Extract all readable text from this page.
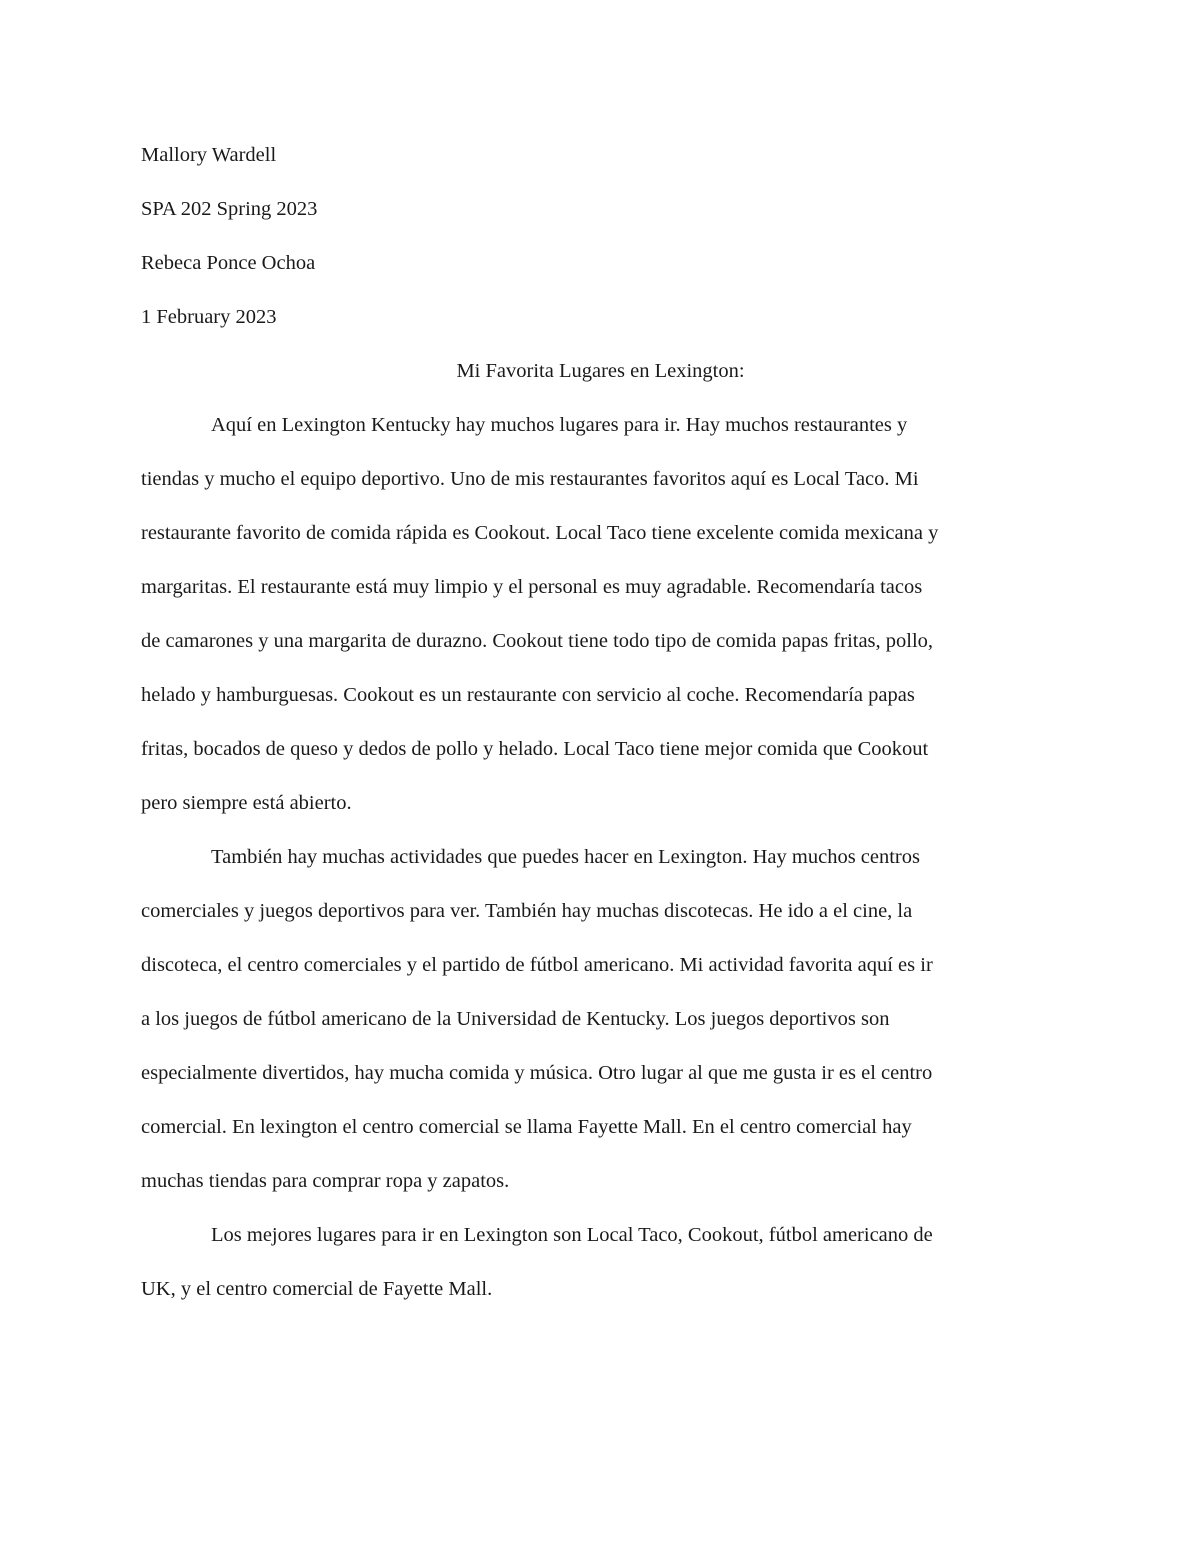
Mallory Wardell

SPA 202 Spring 2023

Rebeca Ponce Ochoa

1 February 2023

Mi Favorita Lugares en Lexington:

Aquí en Lexington Kentucky hay muchos lugares para ir. Hay muchos restaurantes y
tiendas y mucho el equipo deportivo. Uno de mis restaurantes favoritos aquí es Local Taco. Mi
restaurante favorito de comida rápida es Cookout. Local Taco tiene excelente comida mexicana y
margaritas. El restaurante está muy limpio y el personal es muy agradable. Recomendaría tacos
de camarones y una margarita de durazno. Cookout tiene todo tipo de comida papas fritas, pollo,
helado y hamburguesas. Cookout es un restaurante con servicio al coche. Recomendaría papas
fritas, bocados de queso y dedos de pollo y helado. Local Taco tiene mejor comida que Cookout
pero siempre está abierto.
También hay muchas actividades que puedes hacer en Lexington. Hay muchos centros
comerciales y juegos deportivos para ver. También hay muchas discotecas. He ido a el cine, la
discoteca, el centro comerciales y el partido de fútbol americano. Mi actividad favorita aquí es ir
a los juegos de fútbol americano de la Universidad de Kentucky. Los juegos deportivos son
especialmente divertidos, hay mucha comida y música. Otro lugar al que me gusta ir es el centro
comercial. En lexington el centro comercial se llama Fayette Mall. En el centro comercial hay
muchas tiendas para comprar ropa y zapatos.
Los mejores lugares para ir en Lexington son Local Taco, Cookout, fútbol americano de
UK, y el centro comercial de Fayette Mall.
